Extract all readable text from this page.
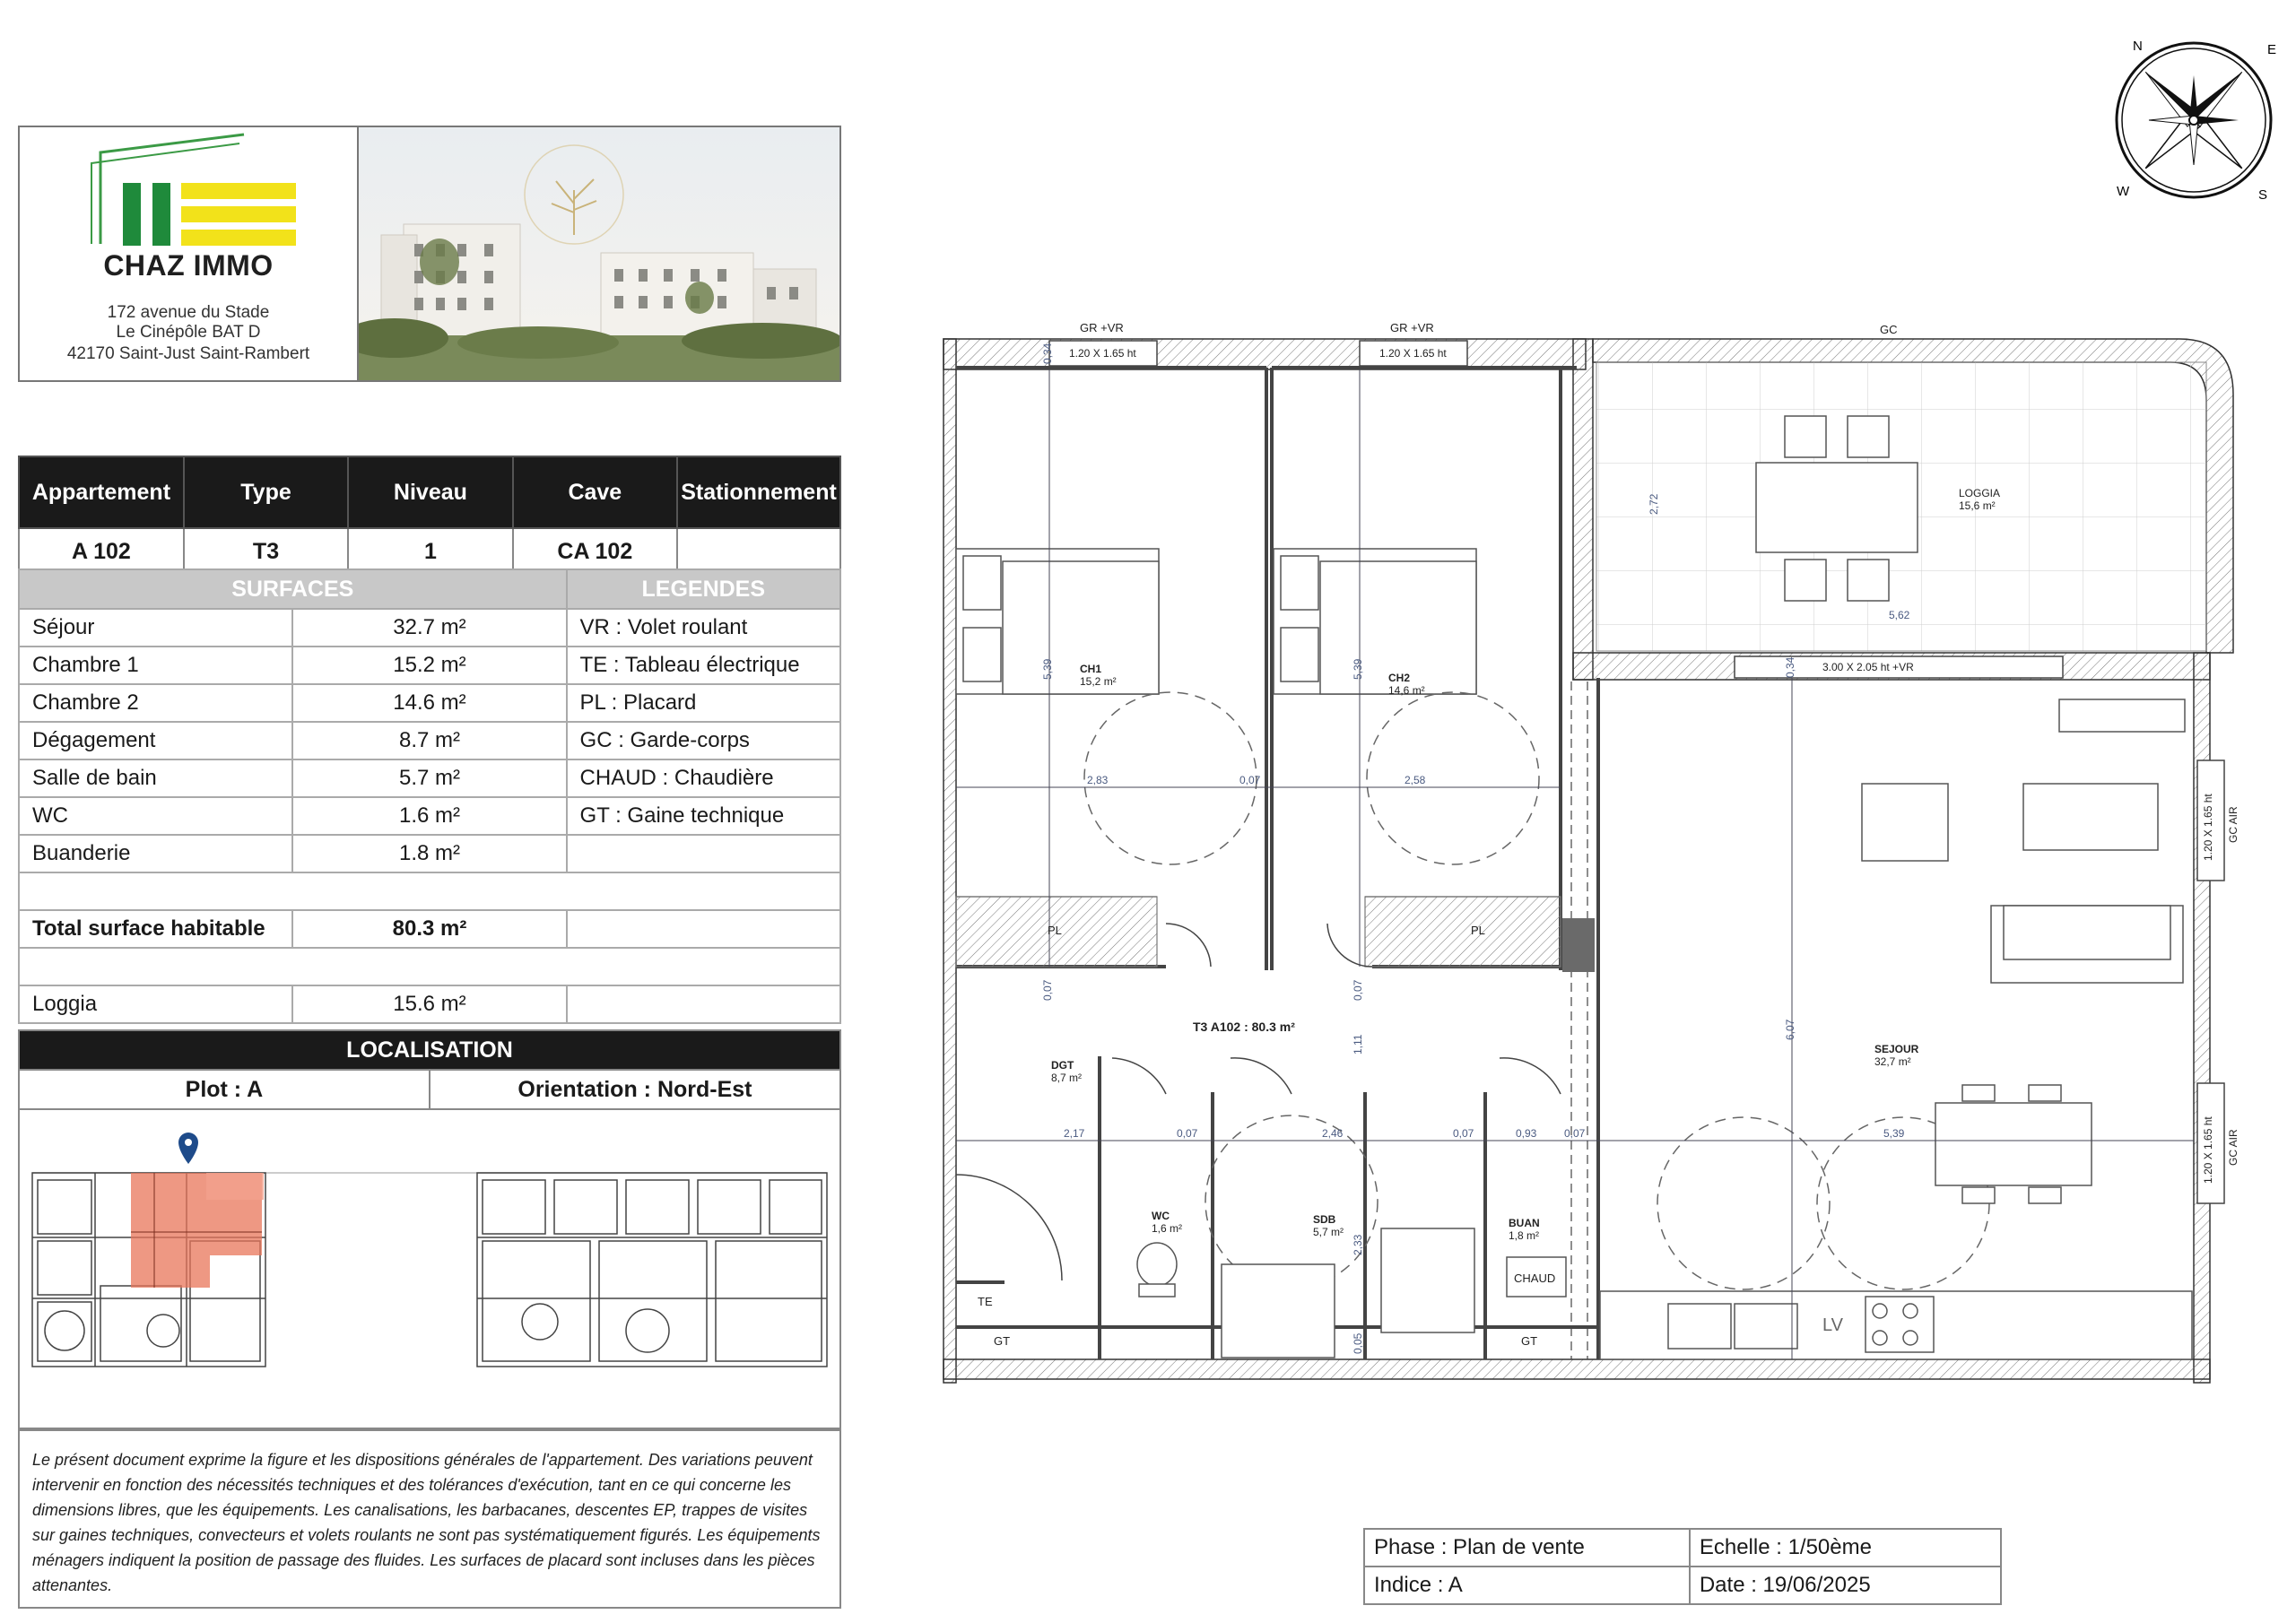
CHAZ IMMO
172 avenue du Stade
Le Cinépôle BAT D
42170 Saint-Just Saint-Rambert
Appartement	Type	Niveau	Cave	Stationnement
A 102	T3	1	CA 102	
SURFACES		LEGENDES
Séjour	32.7 m²	VR : Volet roulant
Chambre 1	15.2 m²	TE : Tableau électrique
Chambre 2	14.6 m²	PL : Placard
Dégagement	8.7 m²	GC : Garde-corps
Salle de bain	5.7 m²	CHAUD : Chaudière
WC	1.6 m²	GT : Gaine technique
Buanderie	1.8 m²	

Total surface habitable	80.3 m²	

Loggia	15.6 m²	
LOCALISATION
Plot : A	Orientation : Nord-Est
Le présent document exprime la figure et les dispositions générales de l'appartement. Des variations peuvent intervenir en fonction des nécessités techniques et des tolérances d'exécution, tant en ce qui concerne les dimensions libres, que les équipements. Les canalisations, les barbacanes, descentes EP, trappes de visites sur gaines techniques, convecteurs et volets roulants ne sont pas systématiquement figurés. Les équipements ménagers indiquent la position de passage des fluides. Les surfaces de placard sont incluses dans les pièces attenantes.
N	E
S
W
GR +VR	GR +VR	GC
1.20 X 1.65 ht	1.20 X 1.65 ht
3.00 X 2.05 ht +VR
1.20 X 1.65 ht
1.20 X 1.65 ht
GC AIR
GC AIR
CH1
15,2 m²	CH2
14,6 m²
LOGGIA
15,6 m²
SEJOUR
32,7 m²
DGT
8,7 m²
WC
1,6 m²
SDB
5,7 m²
BUAN
1,8 m²
T3 A102 : 80.3 m²
PL	PL
TE
GT	GT
CHAUD
LV
0,34
0,34
2,72
5,62
5,39	5,39
2,83	0,07	2,58
0,07	0,07
1,11
6,07
2,17	0,07	2,46	0,07	0,93	0,07	5,39
2,33
0,05
Phase : Plan de vente	Echelle : 1/50ème
Indice : A	Date : 19/06/2025
